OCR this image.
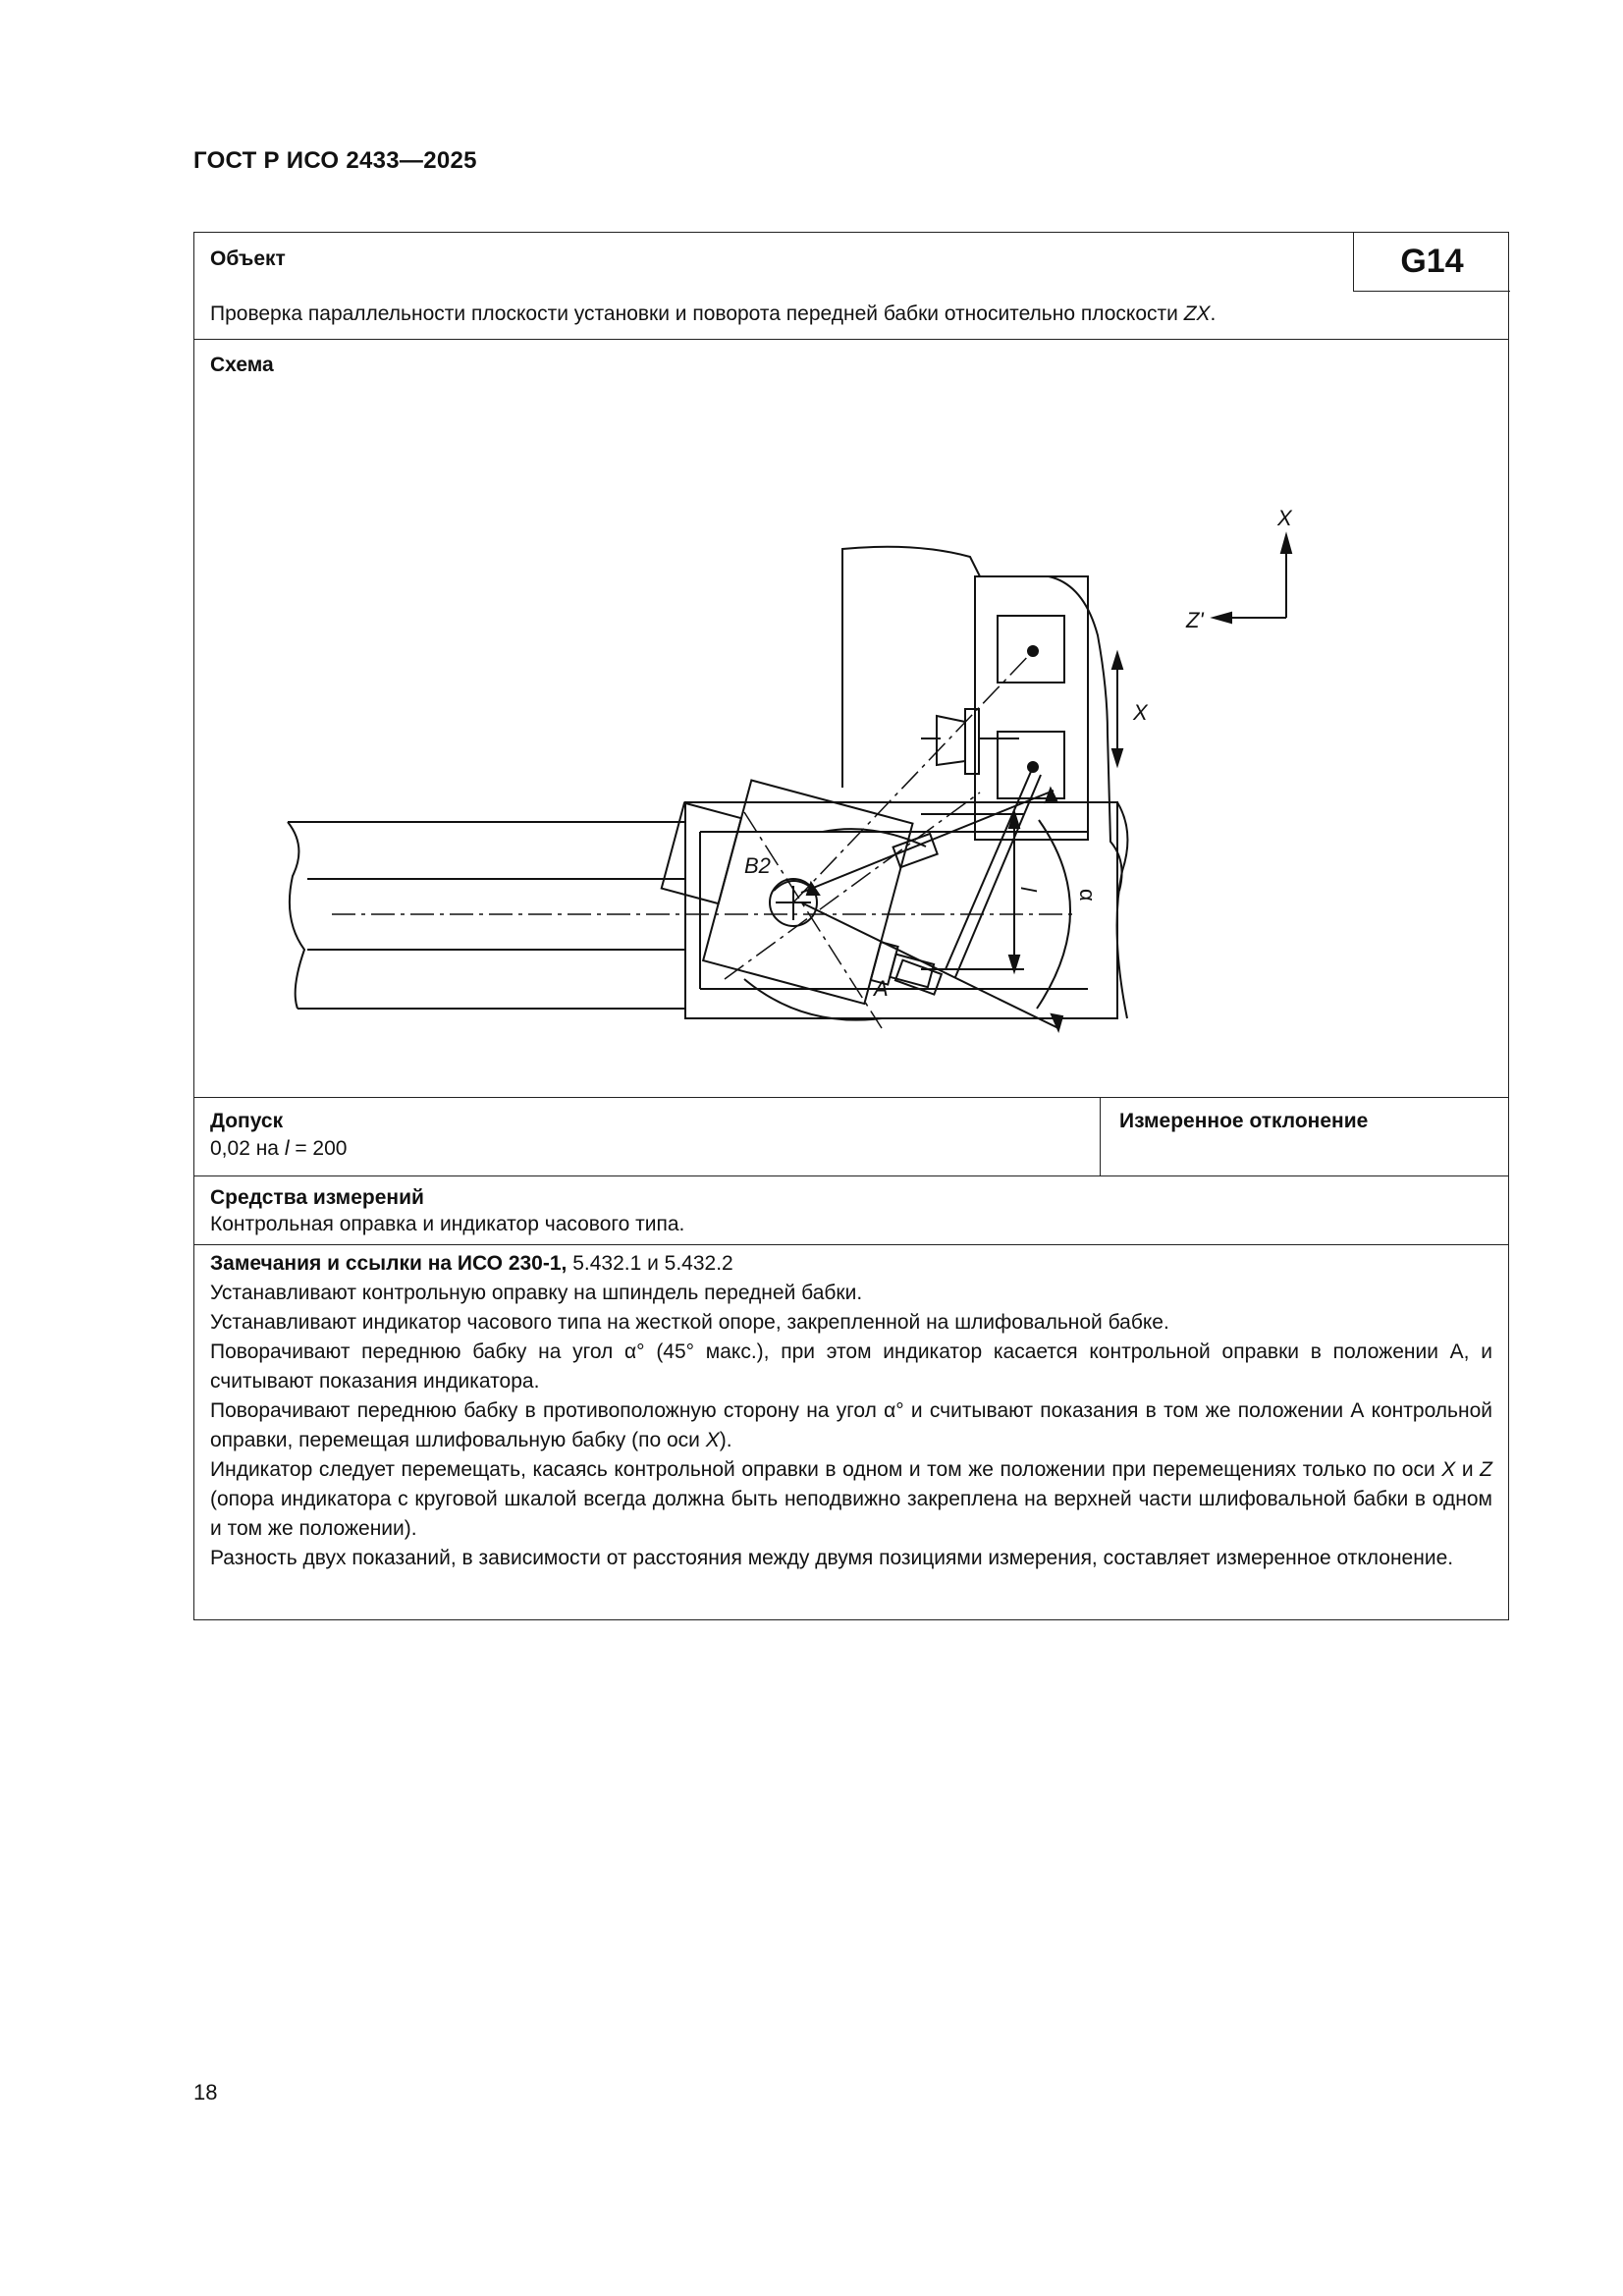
ГОСТ Р ИСО 2433—2025
Объект	G14
Проверка параллельности плоскости установки и поворота передней бабки относительно плоскости ZX.
Схема
X
Z'
X
B2
A
l α
Допуск
0,02 на l = 200
Измеренное отклонение
Средства измерений
Контрольная оправка и индикатор часового типа.

Замечания и ссылки на ИСО 230-1, 5.432.1 и 5.432.2

Устанавливают контрольную оправку на шпиндель передней бабки.

Устанавливают индикатор часового типа на жесткой опоре, закрепленной на шлифовальной бабке.

Поворачивают переднюю бабку на угол α° (45° макс.), при этом индикатор касается контрольной оправки в положении А, и считывают показания индикатора.

Поворачивают переднюю бабку в противоположную сторону на угол α° и считывают показания в том же положении А контрольной оправки, перемещая шлифовальную бабку (по оси X).

Индикатор следует перемещать, касаясь контрольной оправки в одном и том же положении при перемещениях только по оси X и Z (опора индикатора с круговой шкалой всегда должна быть неподвижно закреплена на верхней части шлифовальной бабки в одном и том же положении).

Разность двух показаний, в зависимости от расстояния между двумя позициями измерения, составляет измеренное отклонение.

18
